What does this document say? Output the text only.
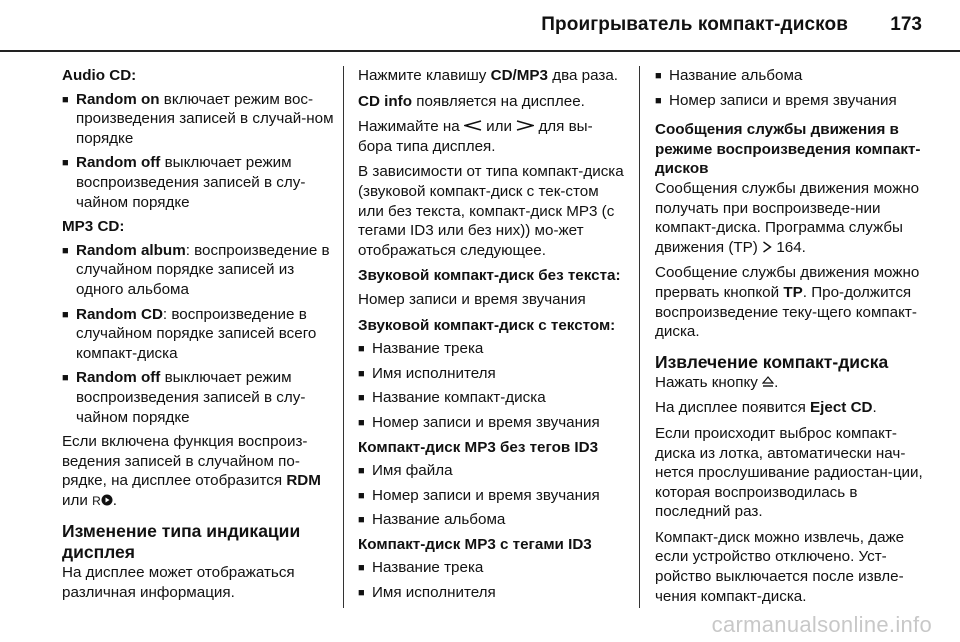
Проигрыватель компакт-дисков 173
Audio CD:
■
Random on включает режим вос-произведения записей в случай-ном порядке
■
Random off выключает режим воспроизведения записей в слу-чайном порядке
MP3 CD:
■
Random album: воспроизведение в случайном порядке записей из одного альбома
■
Random CD: воспроизведение в случайном порядке записей всего компакт-диска
■
Random off выключает режим воспроизведения записей в слу-чайном порядке

Если включена функция воспроиз-ведения записей в случайном по-рядке, на дисплее отобразится RDM или R .

Изменение типа индикации дисплея

На дисплее может отображаться различная информация.

Нажмите клавишу CD/MP3 два раза.

CD info появляется на дисплее.

Нажимайте на  или  для вы-бора типа дисплея.

В зависимости от типа компакт-диска (звуковой компакт-диск с тек-стом или без текста, компакт-диск MP3 (с тегами ID3 или без них)) мо-жет отображаться следующее.

Звуковой компакт-диск без текста:

Номер записи и время звучания

Звуковой компакт-диск с текстом:
■
Название трека
■
Имя исполнителя
■
Название компакт-диска
■
Номер записи и время звучания
Компакт-диск MP3 без тегов ID3
■
Имя файла
■
Номер записи и время звучания
■
Название альбома
Компакт-диск MP3 с тегами ID3
■
Название трека
■
Имя исполнителя
■
Название альбома
■
Номер записи и время звучания
Сообщения службы движения в режиме воспроизведения компакт-дисков

Сообщения службы движения можно получать при воспроизведе-нии компакт-диска. Программа службы движения (TP)  164.

Сообщение службы движения можно прервать кнопкой TP. Про-должится воспроизведение теку-щего компакт-диска.

Извлечение компакт-диска

Нажать кнопку .

На дисплее появится Eject CD.

Если происходит выброс компакт-диска из лотка, автоматически нач-нется прослушивание радиостан-ции, которая воспроизводилась в последний раз.

Компакт-диск можно извлечь, даже если устройство отключено. Уст-ройство выключается после извле-чения компакт-диска.

carmanualsonline.info
